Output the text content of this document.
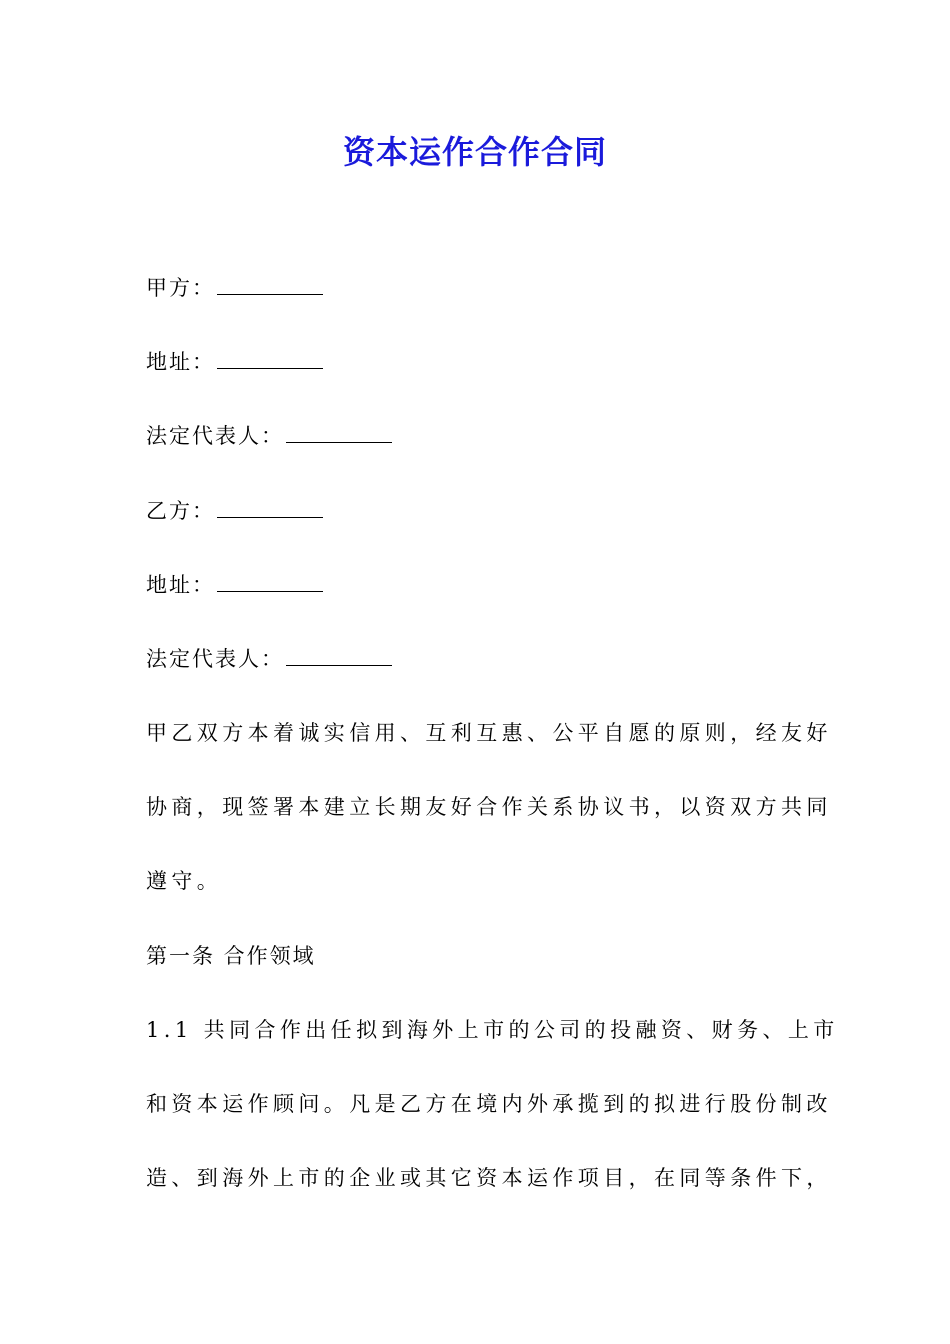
资本运作合作合同
甲方：
地址：
法定代表人：
乙方：
地址：
法定代表人：
甲乙双方本着诚实信用、互利互惠、公平自愿的原则，经友好
协商，现签署本建立长期友好合作关系协议书，以资双方共同
遵守。
第一条 合作领域
1.1 共同合作出任拟到海外上市的公司的投融资、财务、上市
和资本运作顾问。凡是乙方在境内外承揽到的拟进行股份制改
造、到海外上市的企业或其它资本运作项目，在同等条件下，
